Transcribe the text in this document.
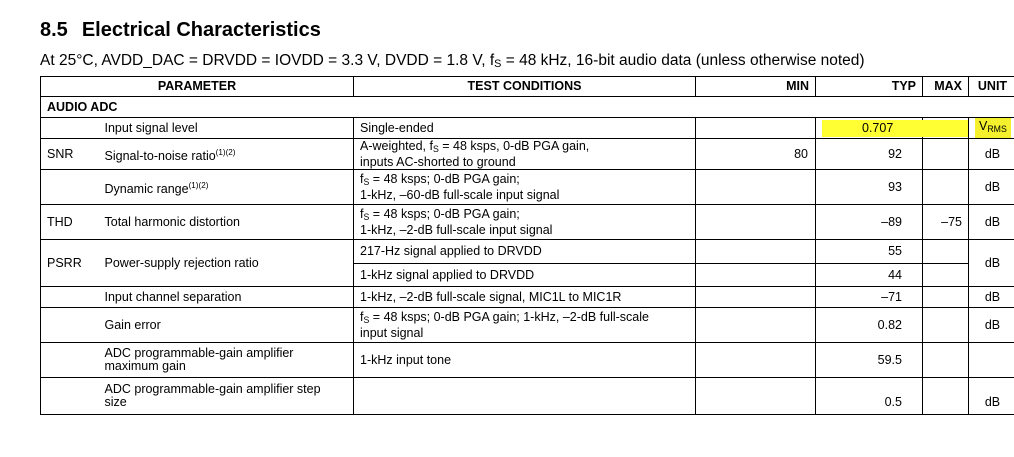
8.5 Electrical Characteristics
At 25°C, AVDD_DAC = DRVDD = IOVDD = 3.3 V, DVDD = 1.8 V, $f_S = 48$ kHz, 16-bit audio data (unless otherwise noted)
PARAMETER		TEST CONDITIONS	MIN	TYP	MAX	UNIT
AUDIO ADC						
	Input signal level	Single-ended		0.707		$V_{RMS}$
SNR	Signal-to-noise ratio$^{(1)(2)}$	A-weighted, $f_S = 48$ ksps, 0-dB PGA gain,
inputs AC-shorted to ground	80	92		dB
	Dynamic range$^{(1)(2)}$	$f_S = 48$ ksps; 0-dB PGA gain;
1-kHz, –60-dB full-scale input signal		93		dB
THD	Total harmonic distortion	$f_S = 48$ ksps; 0-dB PGA gain;
1-kHz, –2-dB full-scale input signal		–89	–75	dB
PSRR	Power-supply rejection ratio	217-Hz signal applied to DRVDD		55		dB
		1-kHz signal applied to DRVDD		44		
	Input channel separation	1-kHz, –2-dB full-scale signal, MIC1L to MIC1R		–71		dB
	Gain error	$f_S = 48$ ksps; 0-dB PGA gain; 1-kHz, –2-dB full-scale
input signal		0.82		dB
	ADC programmable-gain amplifier
maximum gain	1-kHz input tone		59.5		
	ADC programmable-gain amplifier step
size			0.5		dB
